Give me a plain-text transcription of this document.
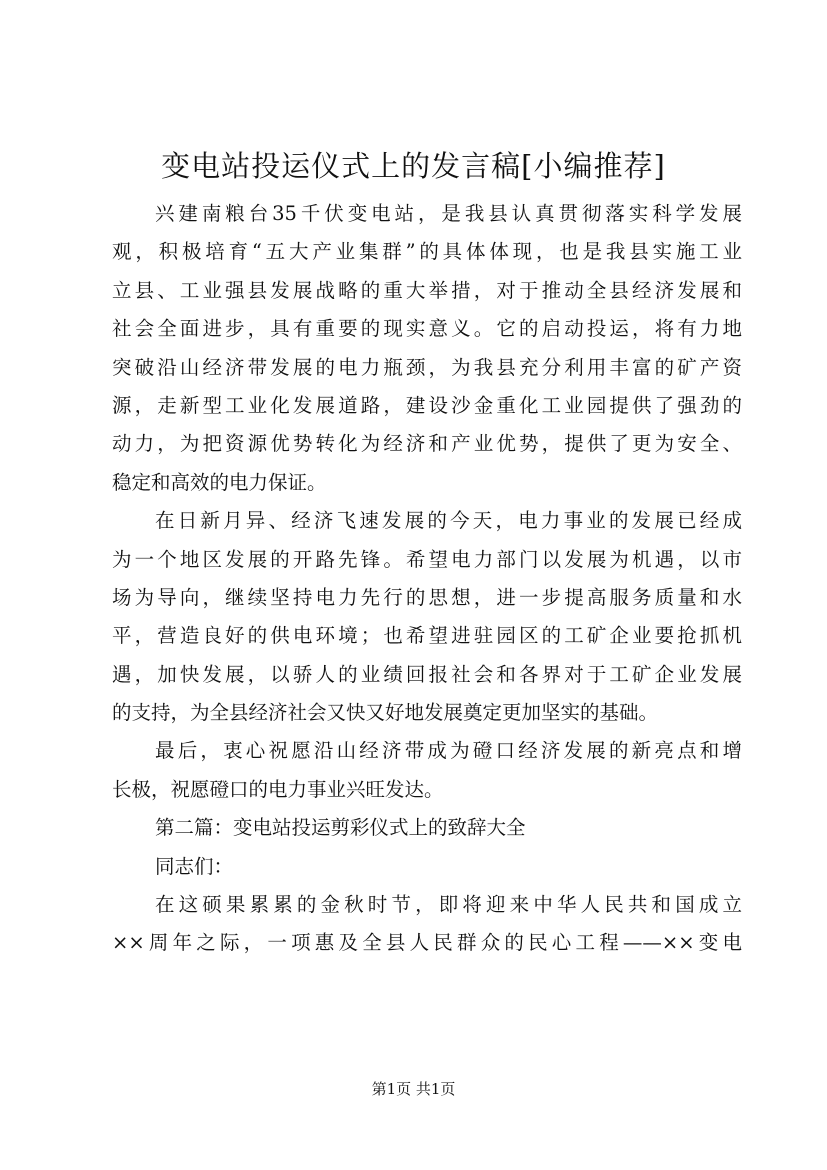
变电站投运仪式上的发言稿[小编推荐]
兴建南粮台35千伏变电站，是我县认真贯彻落实科学发展
观，积极培育“五大产业集群”的具体体现，也是我县实施工业
立县、工业强县发展战略的重大举措，对于推动全县经济发展和
社会全面进步，具有重要的现实意义。它的启动投运，将有力地
突破沿山经济带发展的电力瓶颈，为我县充分利用丰富的矿产资
源，走新型工业化发展道路，建设沙金重化工业园提供了强劲的
动力，为把资源优势转化为经济和产业优势，提供了更为安全、
稳定和高效的电力保证。
在日新月异、经济飞速发展的今天，电力事业的发展已经成
为一个地区发展的开路先锋。希望电力部门以发展为机遇，以市
场为导向，继续坚持电力先行的思想，进一步提高服务质量和水
平，营造良好的供电环境；也希望进驻园区的工矿企业要抢抓机
遇，加快发展，以骄人的业绩回报社会和各界对于工矿企业发展
的支持，为全县经济社会又快又好地发展奠定更加坚实的基础。
最后，衷心祝愿沿山经济带成为磴口经济发展的新亮点和增
长极，祝愿磴口的电力事业兴旺发达。
第二篇：变电站投运剪彩仪式上的致辞大全
同志们：
在这硕果累累的金秋时节，即将迎来中华人民共和国成立
××周年之际，一项惠及全县人民群众的民心工程——××变电
第1页 共1页
